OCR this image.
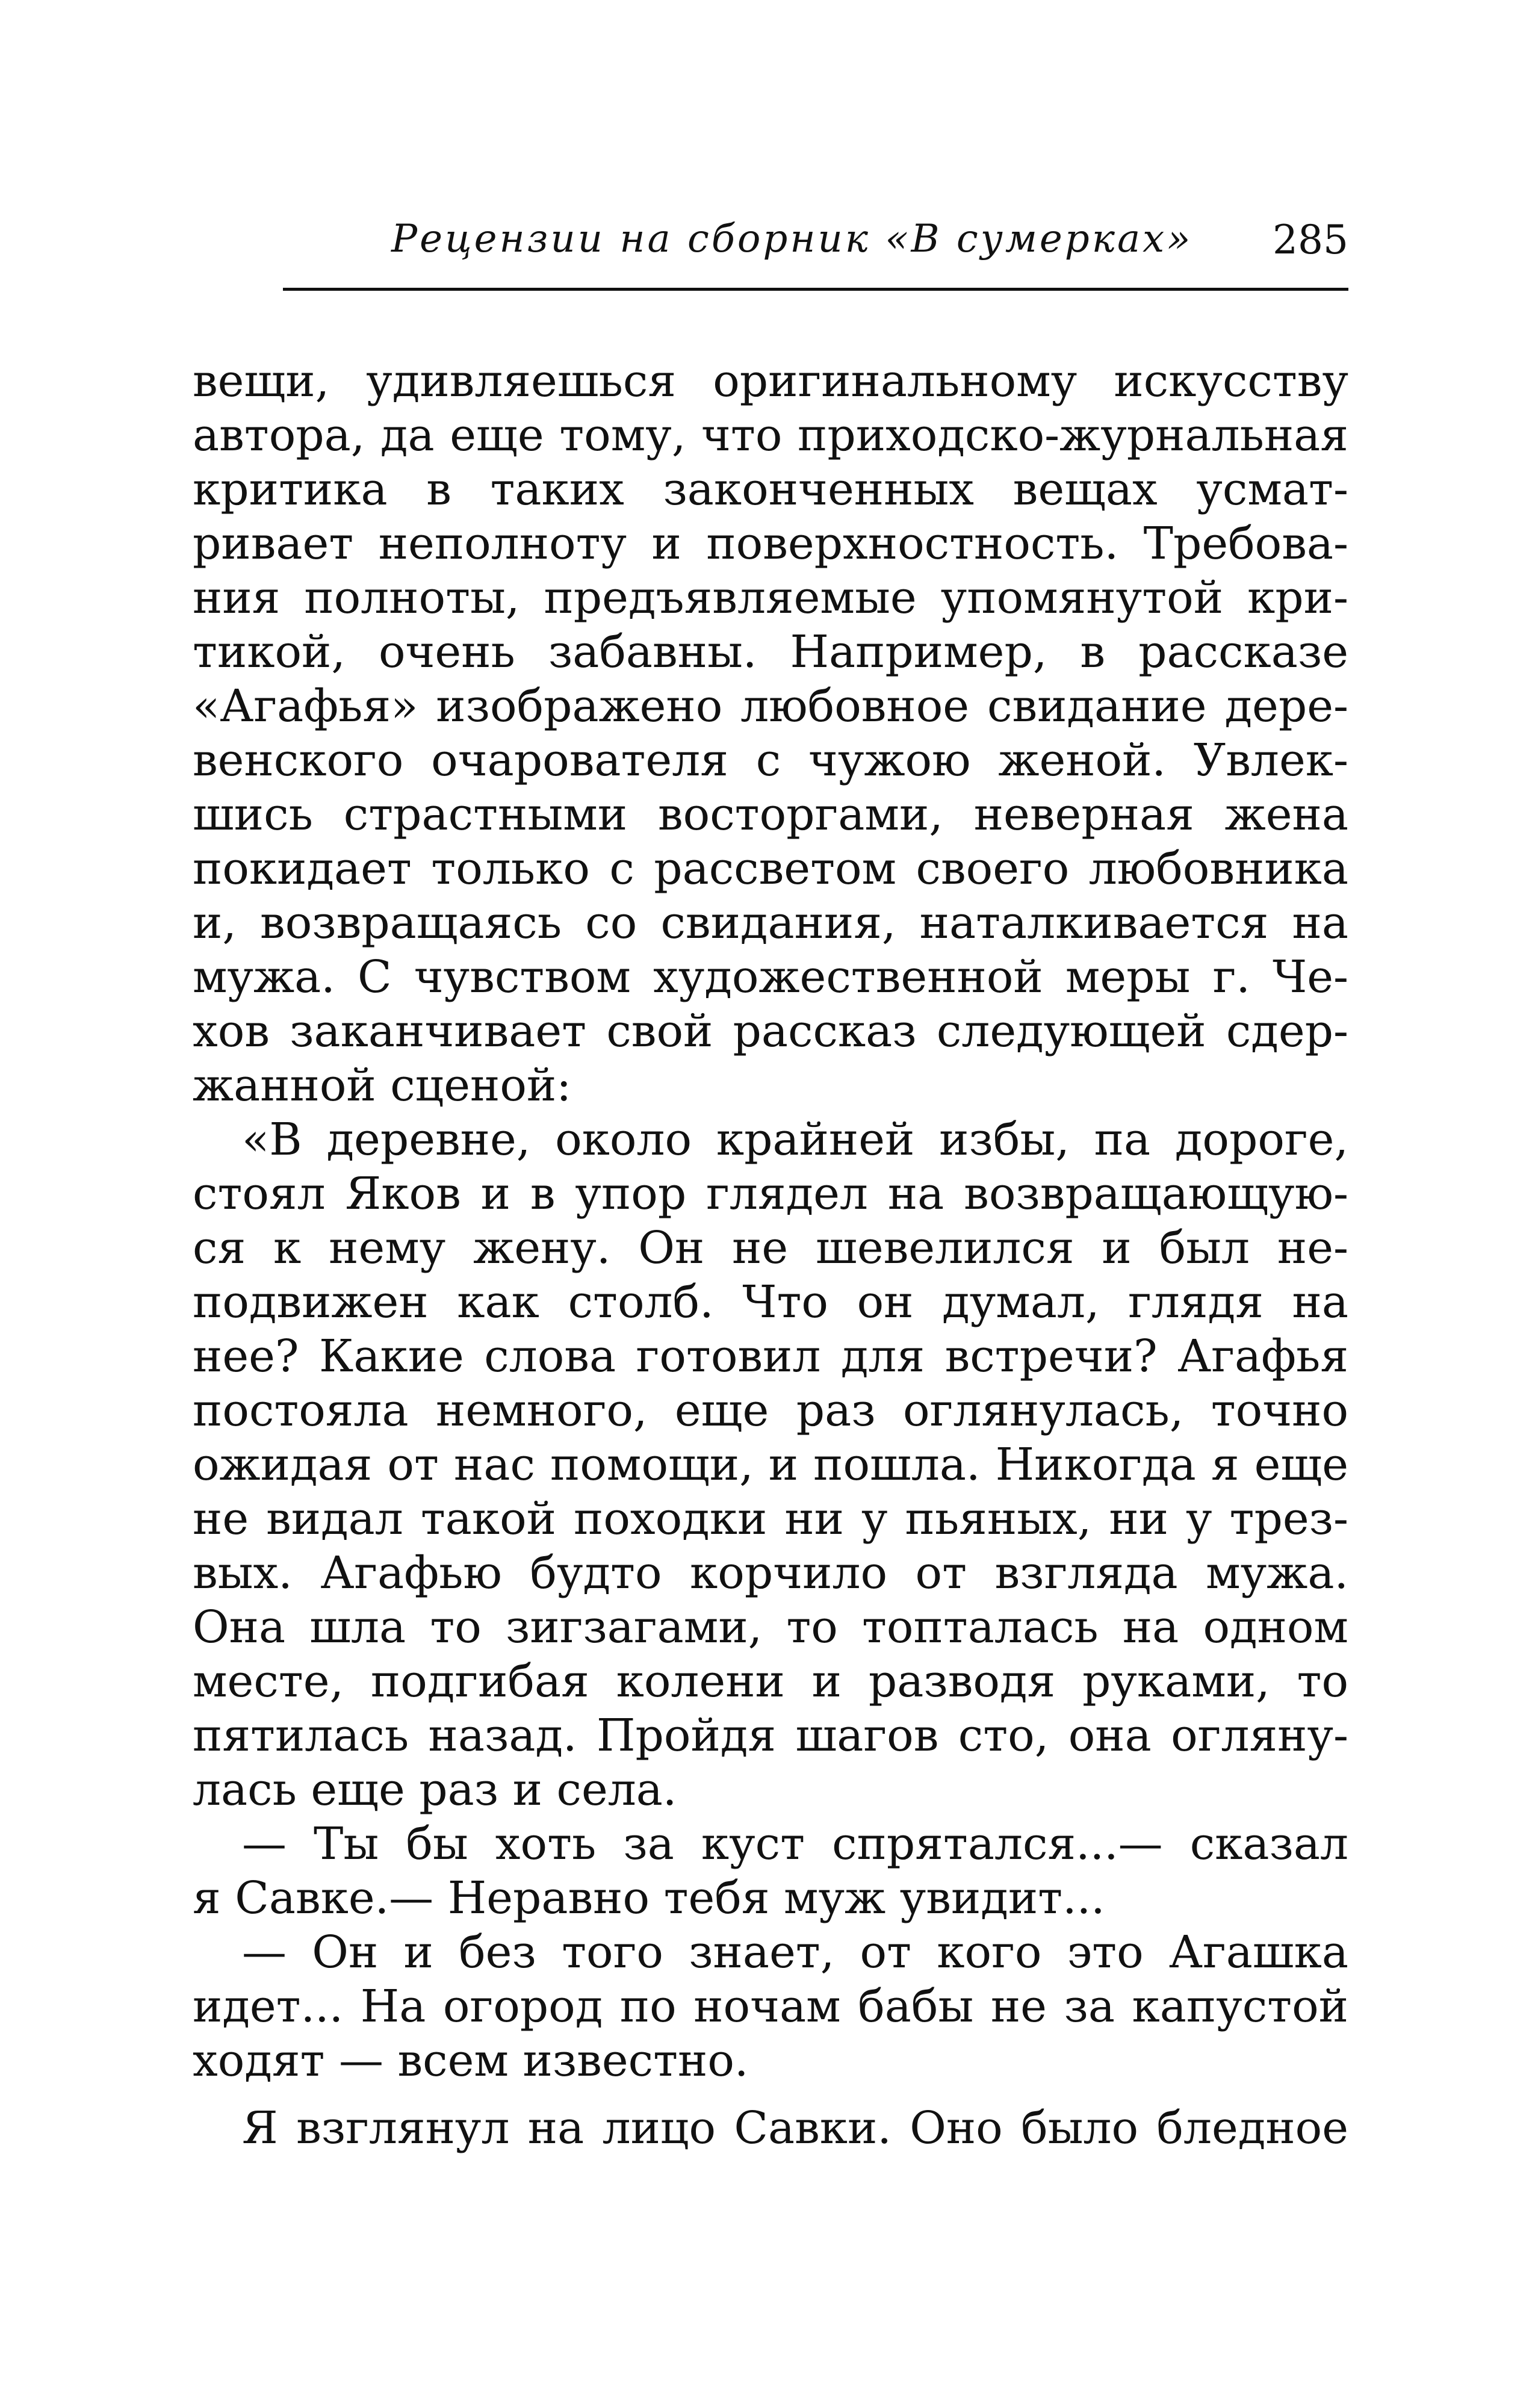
Рецензии на сборник «В сумерках» 285
вещи, удивляешься оригинальному искусству
автора, да еще тому, что приходско-журнальная
критика в таких законченных вещах усмат-
ривает неполноту и поверхностность. Требова-
ния полноты, предъявляемые упомянутой кри-
тикой, очень забавны. Например, в рассказе
«Агафья» изображено любовное свидание дере-
венского очарователя с чужою женой. Увлек-
шись страстными восторгами, неверная жена
покидает только с рассветом своего любовника
и, возвращаясь со свидания, наталкивается на
мужа. С чувством художественной меры г. Че-
хов заканчивает свой рассказ следующей сдер-
жанной сценой:
«В деревне, около крайней избы, па дороге,
стоял Яков и в упор глядел на возвращающую-
ся к нему жену. Он не шевелился и был не-
подвижен как столб. Что он думал, глядя на
нее? Какие слова готовил для встречи? Агафья
постояла немного, еще раз оглянулась, точно
ожидая от нас помощи, и пошла. Никогда я еще
не видал такой походки ни у пьяных, ни у трез-
вых. Агафью будто корчило от взгляда мужа.
Она шла то зигзагами, то топталась на одном
месте, подгибая колени и разводя руками, то
пятилась назад. Пройдя шагов сто, она огляну-
лась еще раз и села.
— Ты бы хоть за куст спрятался...— сказал
я Савке.— Неравно тебя муж увидит...
— Он и без того знает, от кого это Агашка
идет... На огород по ночам бабы не за капустой
ходят — всем известно.
Я взглянул на лицо Савки. Оно было бледное
